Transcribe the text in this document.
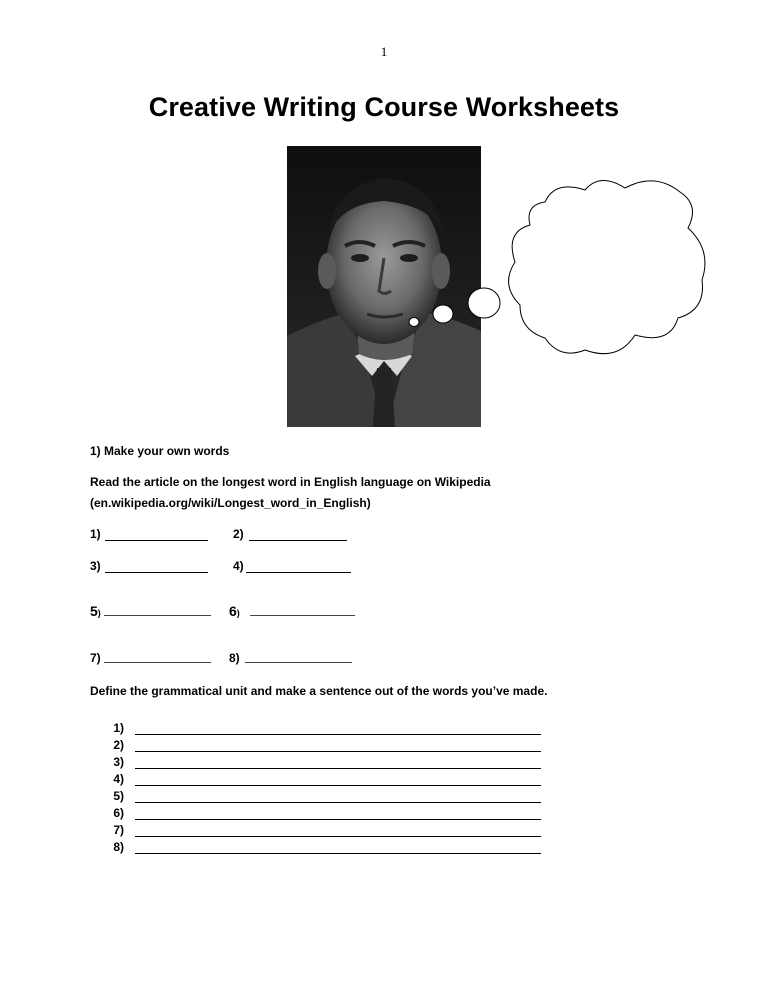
1
Creative Writing Course Worksheets
1) Make your own words
Read the article on the longest word in English language on Wikipedia
(en.wikipedia.org/wiki/Longest_word_in_English)
1)	2)
3)	4)
5)	6)
7)	8)
Define the grammatical unit and make a sentence out of the words you’ve made.
1)
2)
3)
4)
5)
6)
7)
8)
